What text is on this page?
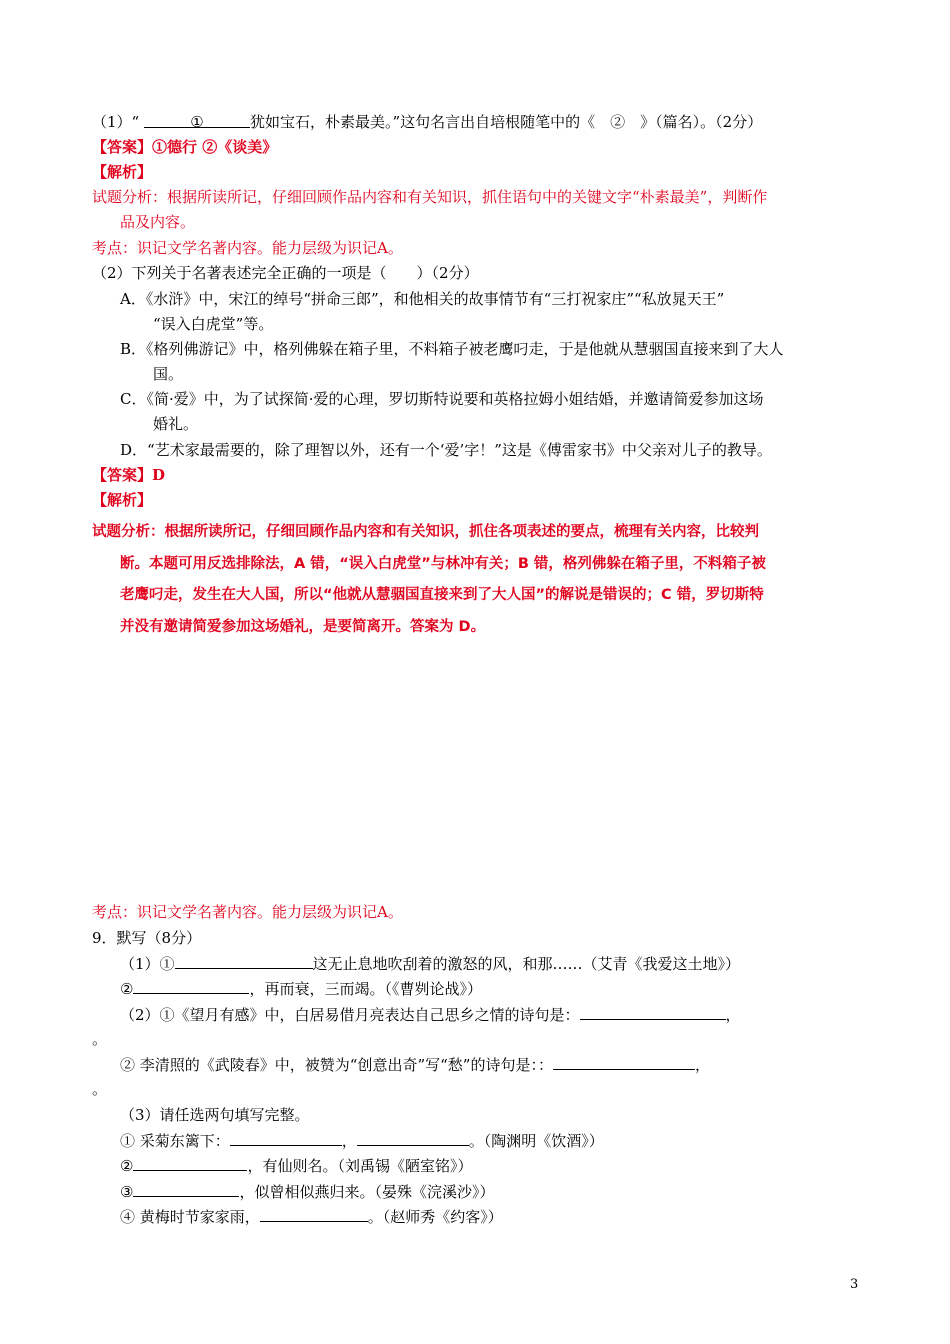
（1）“	①	犹如宝石，朴素最美。”这句名言出自培根随笔中的《　②　》（篇名）。（2分）
【答案】①德行 ②《谈美》
【解析】
试题分析：根据所读所记，仔细回顾作品内容和有关知识，抓住语句中的关键文字“朴素最美”，判断作
品及内容。
考点：识记文学名著内容。能力层级为识记A。
（2）下列关于名著表述完全正确的一项是（　　）（2分）
A．《水浒》中，宋江的绰号“拼命三郎”，和他相关的故事情节有“三打祝家庄”“私放晁天王”
“误入白虎堂”等。
B．《格列佛游记》中，格列佛躲在箱子里，不料箱子被老鹰叼走，于是他就从慧骃国直接来到了大人
国。
C．《简·爱》中，为了试探简·爱的心理，罗切斯特说要和英格拉姆小姐结婚，并邀请简爱参加这场
婚礼。
D．“艺术家最需要的，除了理智以外，还有一个‘爱’字！”这是《傅雷家书》中父亲对儿子的教导。
【答案】D
【解析】
试题分析：根据所读所记，仔细回顾作品内容和有关知识，抓住各项表述的要点，梳理有关内容，比较判
断。本题可用反选排除法，A 错，“误入白虎堂”与林冲有关；B 错，格列佛躲在箱子里，不料箱子被
老鹰叼走，发生在大人国，所以“他就从慧骃国直接来到了大人国”的解说是错误的；C 错，罗切斯特
并没有邀请简爱参加这场婚礼，是要简离开。答案为 D。
考点：识记文学名著内容。能力层级为识记A。
9．默写（8分）
（1）①	这无止息地吹刮着的激怒的风，和那……（艾青《我爱这土地》）
②	，再而衰，三而竭。（《曹刿论战》）
（2）①《望月有感》中，白居易借月亮表达自己思乡之情的诗句是：	，
。
② 李清照的《武陵春》中，被赞为“创意出奇”写“愁”的诗句是：：	，
。
（3）请任选两句填写完整。
① 采菊东篱下：	，	。（陶渊明《饮酒》）
②	，有仙则名。（刘禹锡《陋室铭》）
③	，似曾相似燕归来。（晏殊《浣溪沙》）
④ 黄梅时节家家雨，	。（赵师秀《约客》）
3
